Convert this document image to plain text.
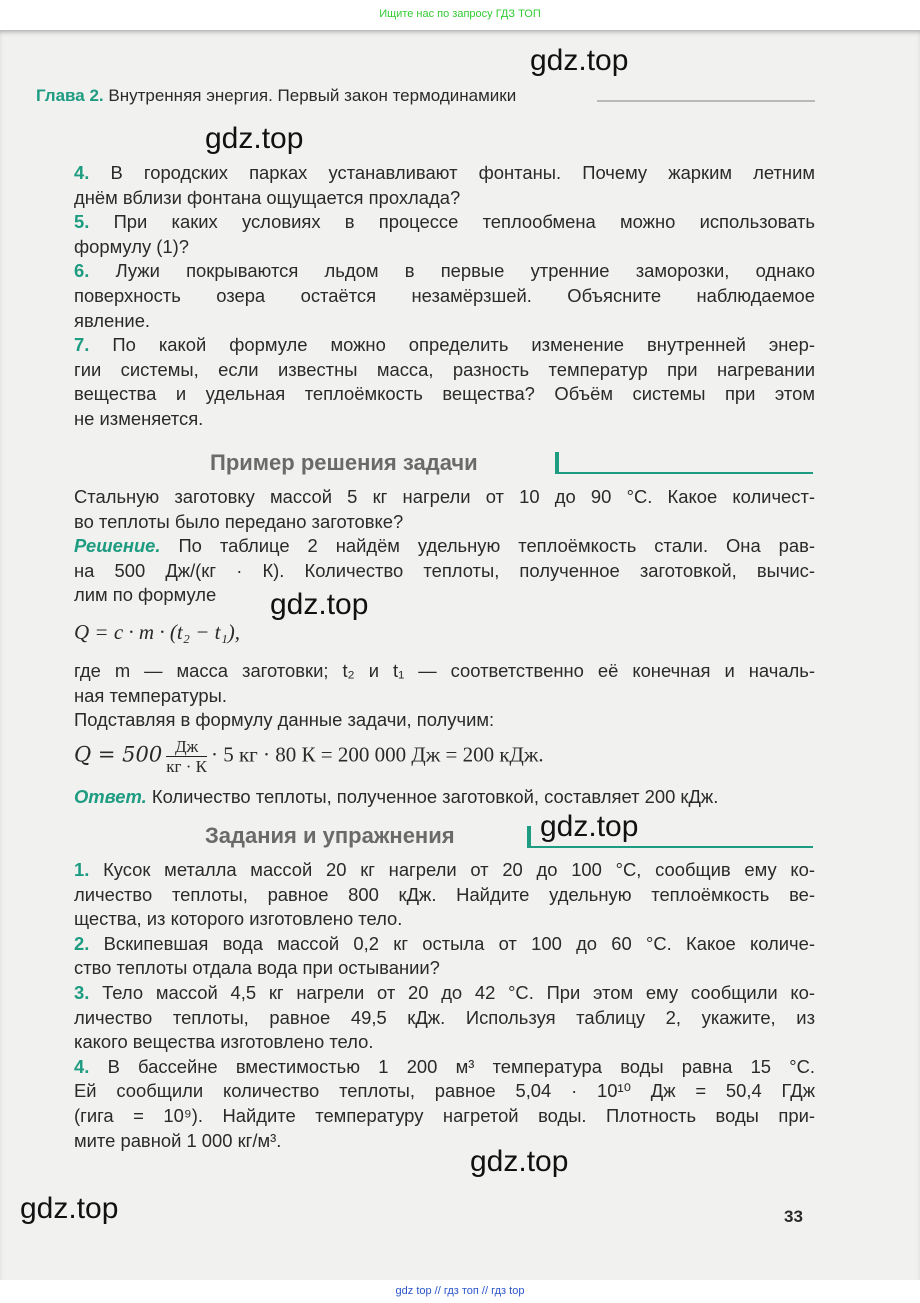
Ищите нас по запросу ГДЗ ТОП
gdz.top
gdz.top
gdz.top
gdz.top
gdz.top
gdz.top
Глава 2. Внутренняя энергия. Первый закон термодинамики
4. В городских парках устанавливают фонтаны. Почему жарким летним
днём вблизи фонтана ощущается прохлада?
5. При каких условиях в процессе теплообмена можно использовать
формулу (1)?
6. Лужи покрываются льдом в первые утренние заморозки, однако
поверхность озера остаётся незамёрзшей. Объясните наблюдаемое
явление.
7. По какой формуле можно определить изменение внутренней энер-
гии системы, если известны масса, разность температур при нагревании
вещества и удельная теплоёмкость вещества? Объём системы при этом
не изменяется.
Пример решения задачи
Стальную заготовку массой 5 кг нагрели от 10 до 90 °С. Какое количест-
во теплоты было передано заготовке?
Решение. По таблице 2 найдём удельную теплоёмкость стали. Она рав-
на 500 Дж/(кг · К). Количество теплоты, полученное заготовкой, вычис-
лим по формуле
Q = c · m · (t₂ − t₁),
где m — масса заготовки; t₂ и t₁ — соответственно её конечная и началь-
ная температуры.
Подставляя в формулу данные задачи, получим:
$Q = 500 \frac{Дж}{кг \cdot К} \cdot 5$ кг · 80 К = 200 000 Дж = 200 кДж.
Ответ. Количество теплоты, полученное заготовкой, составляет 200 кДж.
Задания и упражнения
1. Кусок металла массой 20 кг нагрели от 20 до 100 °С, сообщив ему ко-
личество теплоты, равное 800 кДж. Найдите удельную теплоёмкость ве-
щества, из которого изготовлено тело.
2. Вскипевшая вода массой 0,2 кг остыла от 100 до 60 °С. Какое количе-
ство теплоты отдала вода при остывании?
3. Тело массой 4,5 кг нагрели от 20 до 42 °С. При этом ему сообщили ко-
личество теплоты, равное 49,5 кДж. Используя таблицу 2, укажите, из
какого вещества изготовлено тело.
4. В бассейне вместимостью 1 200 м³ температура воды равна 15 °С.
Ей сообщили количество теплоты, равное 5,04 · 10¹⁰ Дж = 50,4 ГДж
(гига = 10⁹). Найдите температуру нагретой воды. Плотность воды при-
мите равной 1 000 кг/м³.
33
gdz top // гдз топ // гдз top
